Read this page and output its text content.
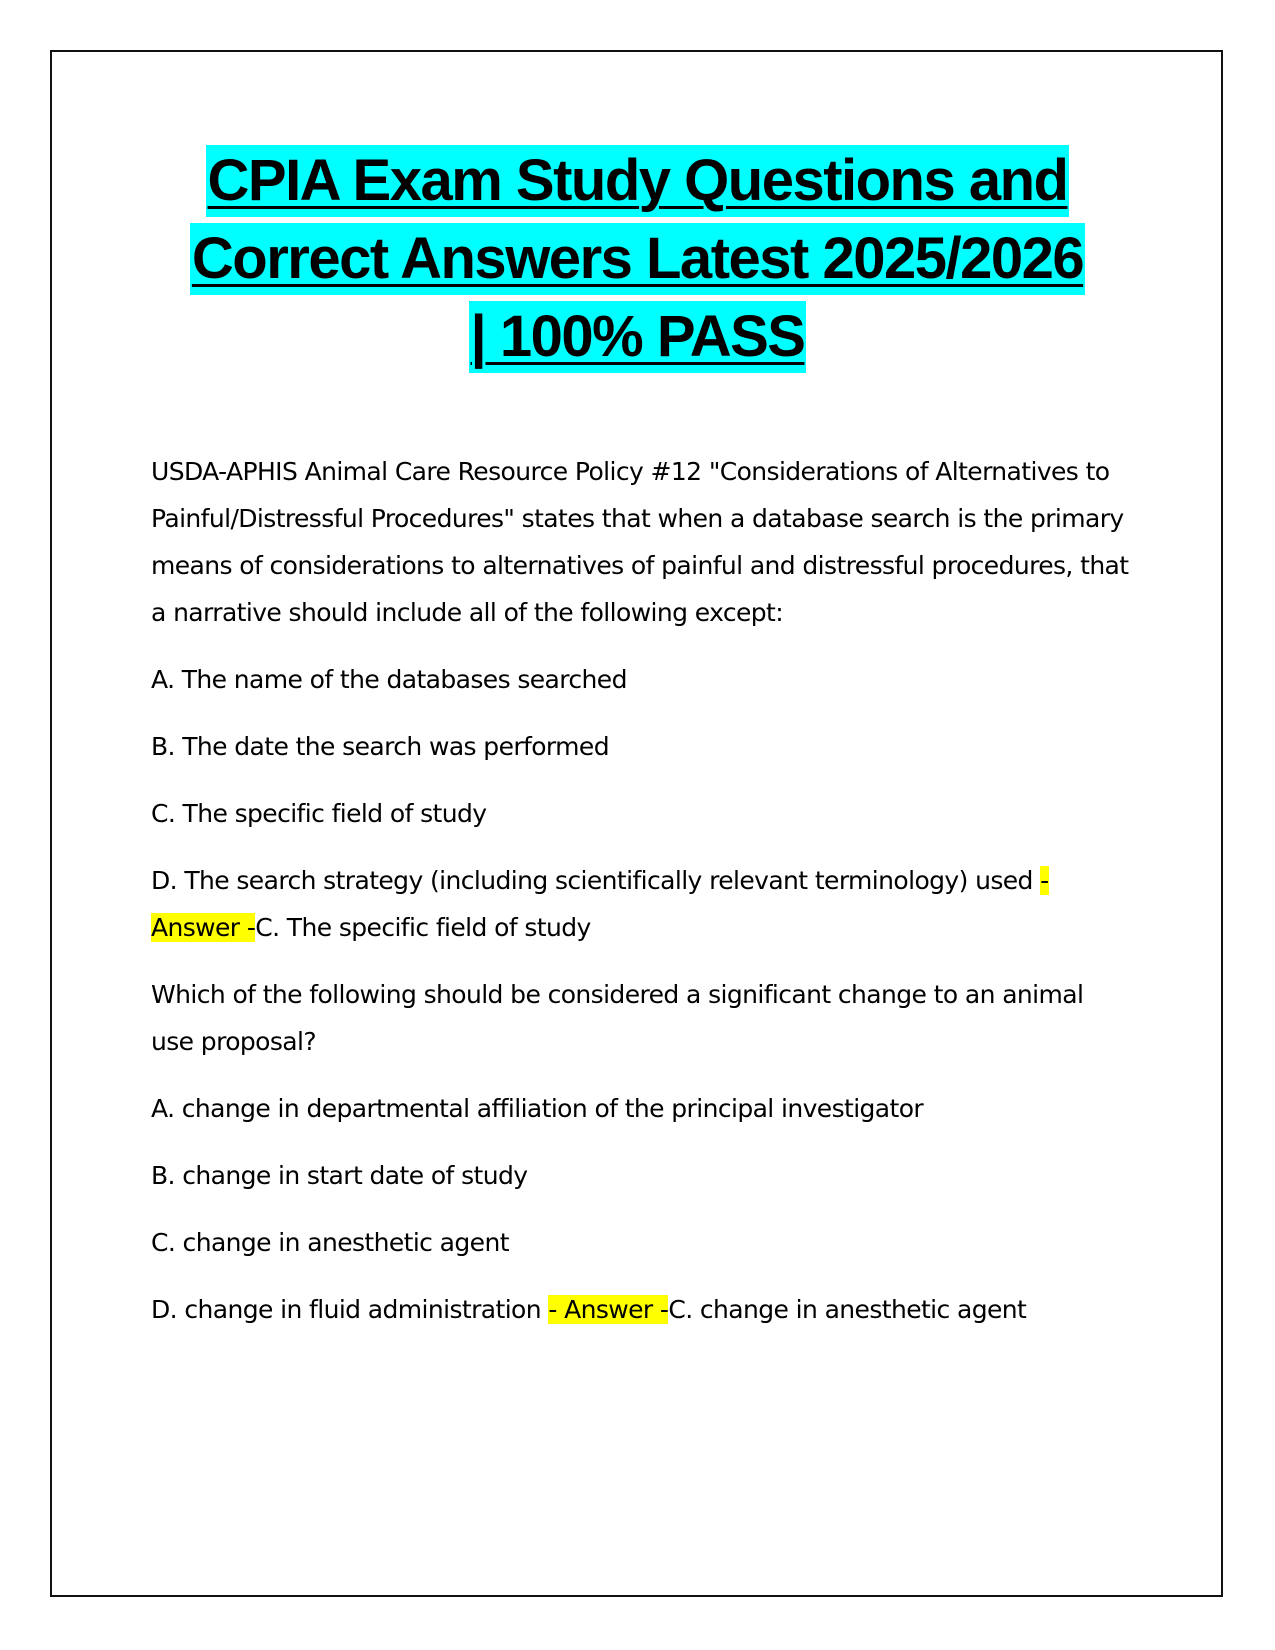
CPIA Exam Study Questions and
Correct Answers Latest 2025/2026
| 100% PASS

USDA-APHIS Animal Care Resource Policy #12 "Considerations of Alternatives to Painful/Distressful Procedures" states that when a database search is the primary means of considerations to alternatives of painful and distressful procedures, that a narrative should include all of the following except:

A. The name of the databases searched

B. The date the search was performed

C. The specific field of study

D. The search strategy (including scientifically relevant terminology) used - Answer -C. The specific field of study

Which of the following should be considered a significant change to an animal use proposal?

A. change in departmental affiliation of the principal investigator

B. change in start date of study

C. change in anesthetic agent

D. change in fluid administration - Answer -C. change in anesthetic agent
